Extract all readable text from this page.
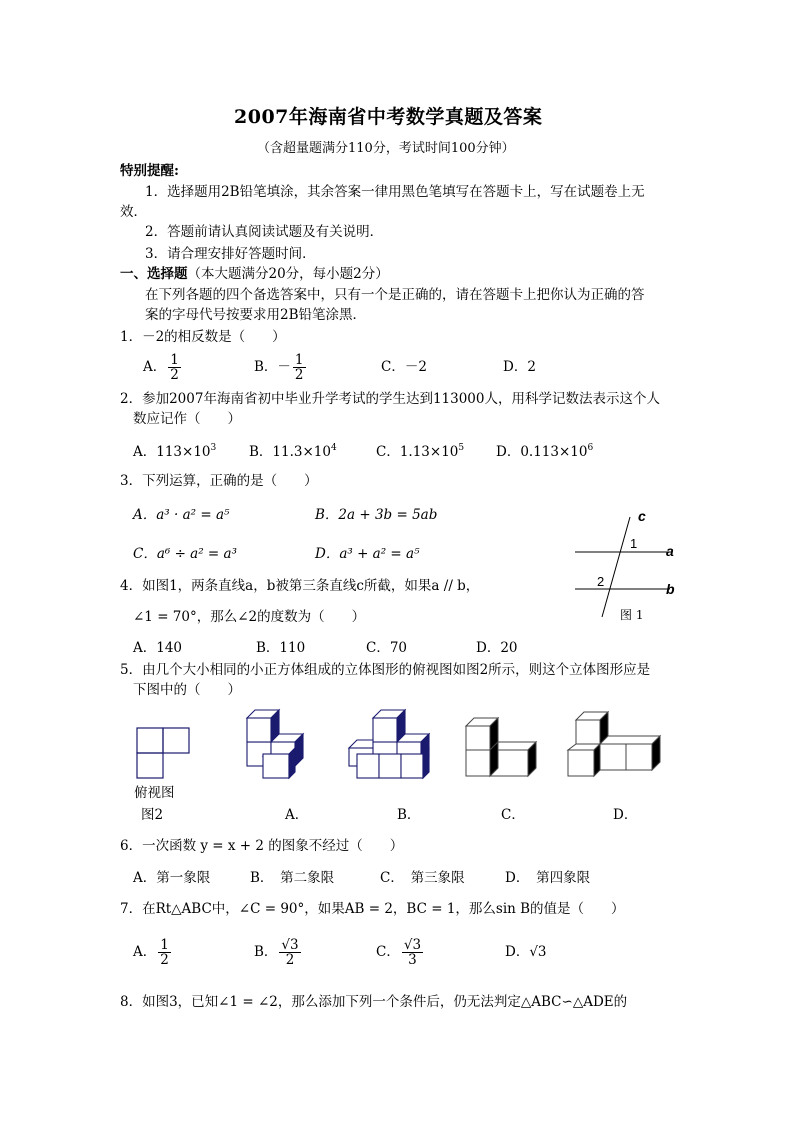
2007年海南省中考数学真题及答案
（含超量题满分110分，考试时间100分钟）
特别提醒:
1．选择题用2B铅笔填涂，其余答案一律用黑色笔填写在答题卡上，写在试题卷上无
效．
2．答题前请认真阅读试题及有关说明．
3．请合理安排好答题时间．
一、选择题（本大题满分20分，每小题2分）
在下列各题的四个备选答案中，只有一个是正确的，请在答题卡上把你认为正确的答
案的字母代号按要求用2B铅笔涂黑．
1．－2的相反数是（　　）
A． $\frac{1}{2}$	B．－ $\frac{1}{2}$	C．－2	D．2
2．参加2007年海南省初中毕业升学考试的学生达到113000人，用科学记数法表示这个人
数应记作（　　）
A．$113\times 10^3$ B．$11.3\times 10^4$	C．$1.13\times 10^5$ D．$0.113\times 10^6$
3．下列运算，正确的是（　　）
A．a³ · a² = a⁵	B．2a + 3b = 5ab
C．a⁶ ÷ a² = a³	D．a³ + a² = a⁵
c
a
b
1
2
图 1
4．如图1，两条直线a，b被第三条直线c所截，如果a // b，
∠1 = 70°，那么∠2的度数为（　　）
A．140	B．110	C．70	D．20
5．由几个大小相同的小正方体组成的立体图形的俯视图如图2所示，则这个立体图形应是
下图中的（　　）
俯视图
图2	A．	B．	C．	D．
6．一次函数 y = x + 2 的图象不经过（　　）
A．第一象限	B．　第二象限	C．　第三象限	D．　第四象限
7．在Rt△ABC中，∠C = 90°，如果AB = 2，BC = 1，那么sin B的值是（　　）
A． $\frac{1}{2}$	B． $\frac{√3}{2}$	C． $\frac{√3}{3}$	D．√3
8．如图3，已知∠1 = ∠2，那么添加下列一个条件后，仍无法判定△ABC∽△ADE的
